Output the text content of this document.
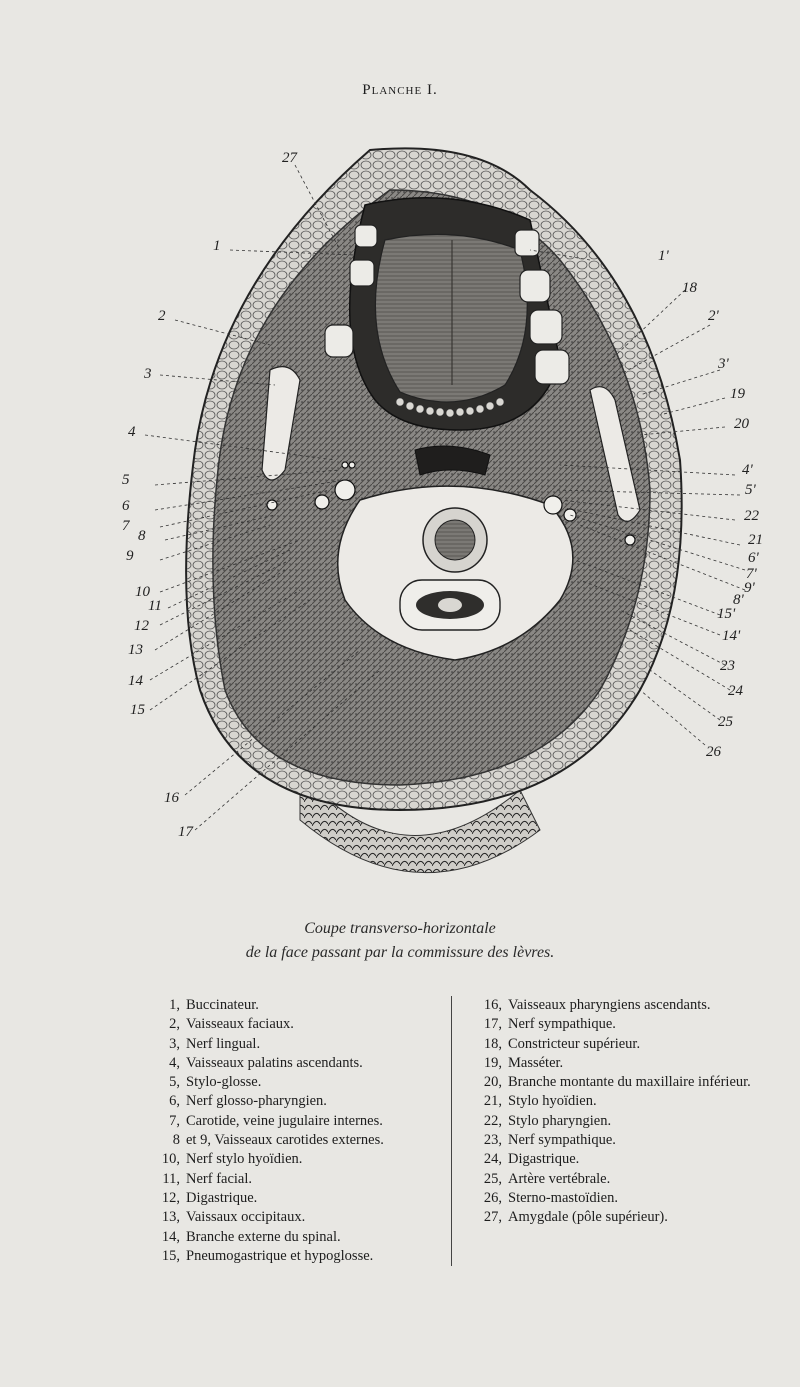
Planche I.
27
1
1'
18
2	2'
3
3'
19
4	20
4'
5
5'
6
22
7
21
8
6'
9
7'
9'
10	8'
11	15'
12
14'
13
23
14
24
15
25
26
16
17
Coupe transverso-horizontale
de la face passant par la commissure des lèvres.
1, Buccinateur.
2, Vaisseaux faciaux.
3, Nerf lingual.
4, Vaisseaux palatins ascendants.
5, Stylo-glosse.
6, Nerf glosso-pharyngien.
7, Carotide, veine jugulaire internes.
8 et 9, Vaisseaux carotides externes.
10, Nerf stylo hyoïdien.
11, Nerf facial.
12, Digastrique.
13, Vaissaux occipitaux.
14, Branche externe du spinal.
15, Pneumogastrique et hypoglosse.
16, Vaisseaux pharyngiens ascendants.
17, Nerf sympathique.
18, Constricteur supérieur.
19, Masséter.
20, Branche montante du maxillaire inférieur.
21, Stylo hyoïdien.
22, Stylo pharyngien.
23, Nerf sympathique.
24, Digastrique.
25, Artère vertébrale.
26, Sterno-mastoïdien.
27, Amygdale (pôle supérieur).
